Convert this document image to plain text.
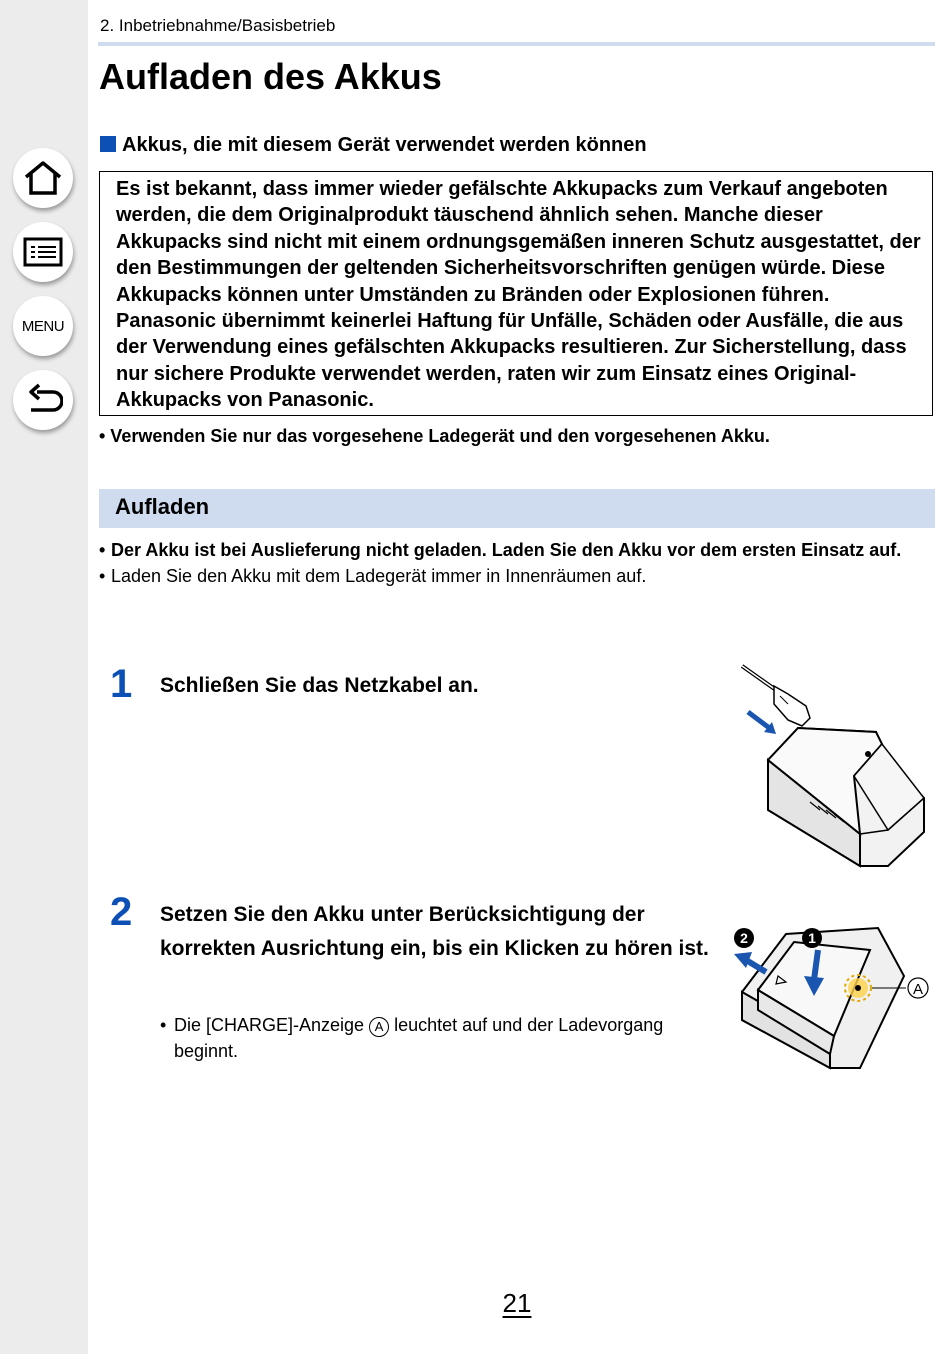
MENU
2. Inbetriebnahme/Basisbetrieb
Aufladen des Akkus
Akkus, die mit diesem Gerät verwendet werden können
Es ist bekannt, dass immer wieder gefälschte Akkupacks zum Verkauf angeboten werden, die dem Originalprodukt täuschend ähnlich sehen. Manche dieser Akkupacks sind nicht mit einem ordnungsgemäßen inneren Schutz ausgestattet, der den Bestimmungen der geltenden Sicherheitsvorschriften genügen würde. Diese Akkupacks können unter Umständen zu Bränden oder Explosionen führen. Panasonic übernimmt keinerlei Haftung für Unfälle, Schäden oder Ausfälle, die aus der Verwendung eines gefälschten Akkupacks resultieren. Zur Sicherstellung, dass nur sichere Produkte verwendet werden, raten wir zum Einsatz eines Original-Akkupacks von Panasonic.
• Verwenden Sie nur das vorgesehene Ladegerät und den vorgesehenen Akku.
Aufladen
• Der Akku ist bei Auslieferung nicht geladen. Laden Sie den Akku vor dem ersten Einsatz auf.
• Laden Sie den Akku mit dem Ladegerät immer in Innenräumen auf.
1 Schließen Sie das Netzkabel an.
2 Setzen Sie den Akku unter Berücksichtigung der korrekten Ausrichtung ein, bis ein Klicken zu hören ist.
• Die [CHARGE]-Anzeige A leuchtet auf und der Ladevorgang beginnt.
2	1
A
21
